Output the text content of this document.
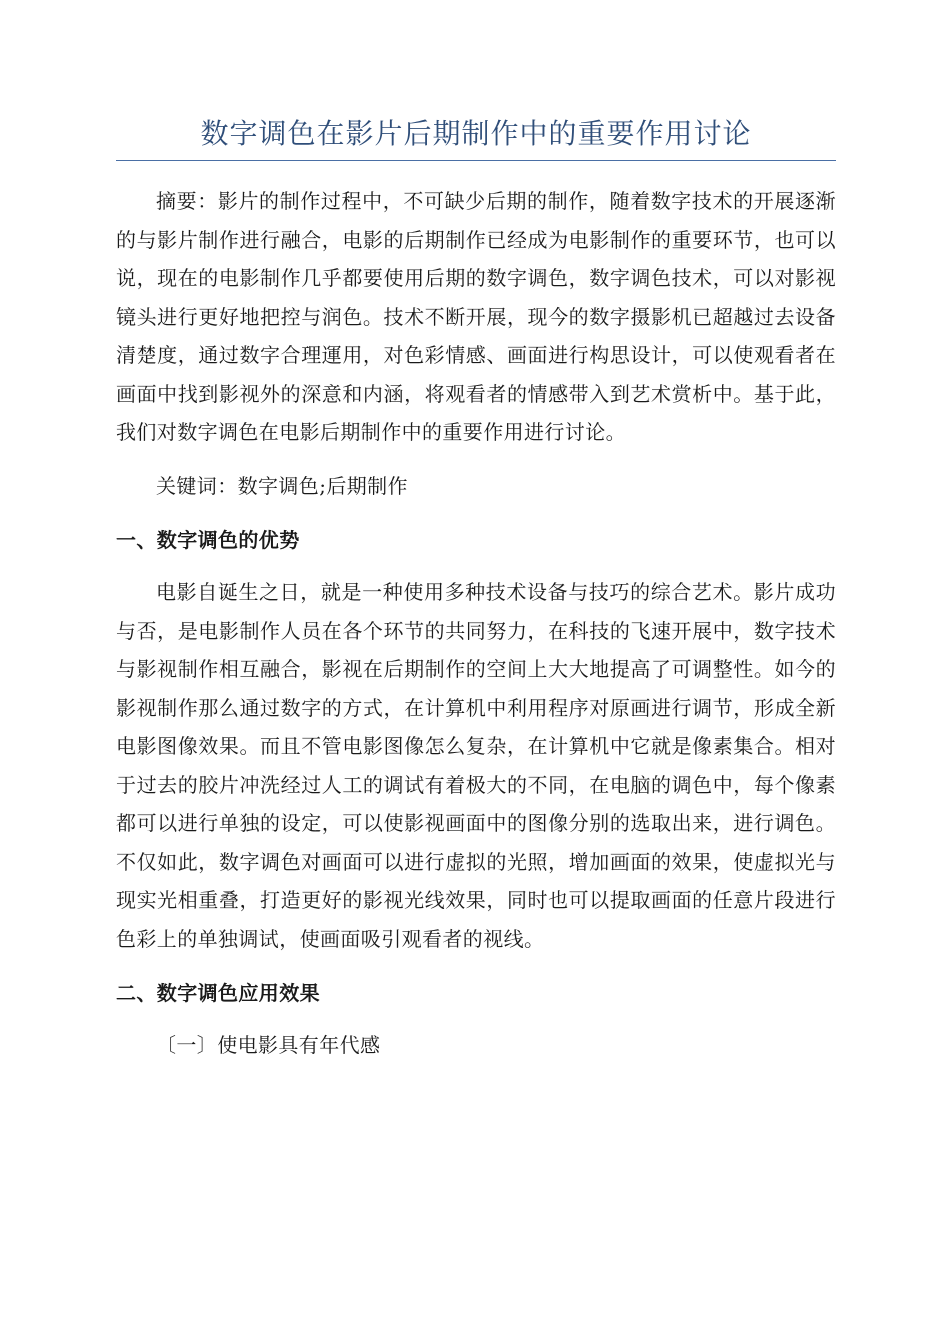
数字调色在影片后期制作中的重要作用讨论

摘要：影片的制作过程中，不可缺少后期的制作，随着数字技术的开展逐渐的与影片制作进行融合，电影的后期制作已经成为电影制作的重要环节，也可以说，现在的电影制作几乎都要使用后期的数字调色，数字调色技术，可以对影视镜头进行更好地把控与润色。技术不断开展，现今的数字摄影机已超越过去设备清楚度，通过数字合理運用，对色彩情感、画面进行构思设计，可以使观看者在画面中找到影视外的深意和内涵，将观看者的情感带入到艺术赏析中。基于此，我们对数字调色在电影后期制作中的重要作用进行讨论。

关键词：数字调色;后期制作

一、数字调色的优势

电影自诞生之日，就是一种使用多种技术设备与技巧的综合艺术。影片成功与否，是电影制作人员在各个环节的共同努力，在科技的飞速开展中，数字技术与影视制作相互融合，影视在后期制作的空间上大大地提高了可调整性。如今的影视制作那么通过数字的方式，在计算机中利用程序对原画进行调节，形成全新电影图像效果。而且不管电影图像怎么复杂，在计算机中它就是像素集合。相对于过去的胶片冲洗经过人工的调试有着极大的不同，在电脑的调色中，每个像素都可以进行单独的设定，可以使影视画面中的图像分别的选取出来，进行调色。不仅如此，数字调色对画面可以进行虚拟的光照，增加画面的效果，使虚拟光与现实光相重叠，打造更好的影视光线效果，同时也可以提取画面的任意片段进行色彩上的单独调试，使画面吸引观看者的视线。

二、数字调色应用效果

〔一〕使电影具有年代感
